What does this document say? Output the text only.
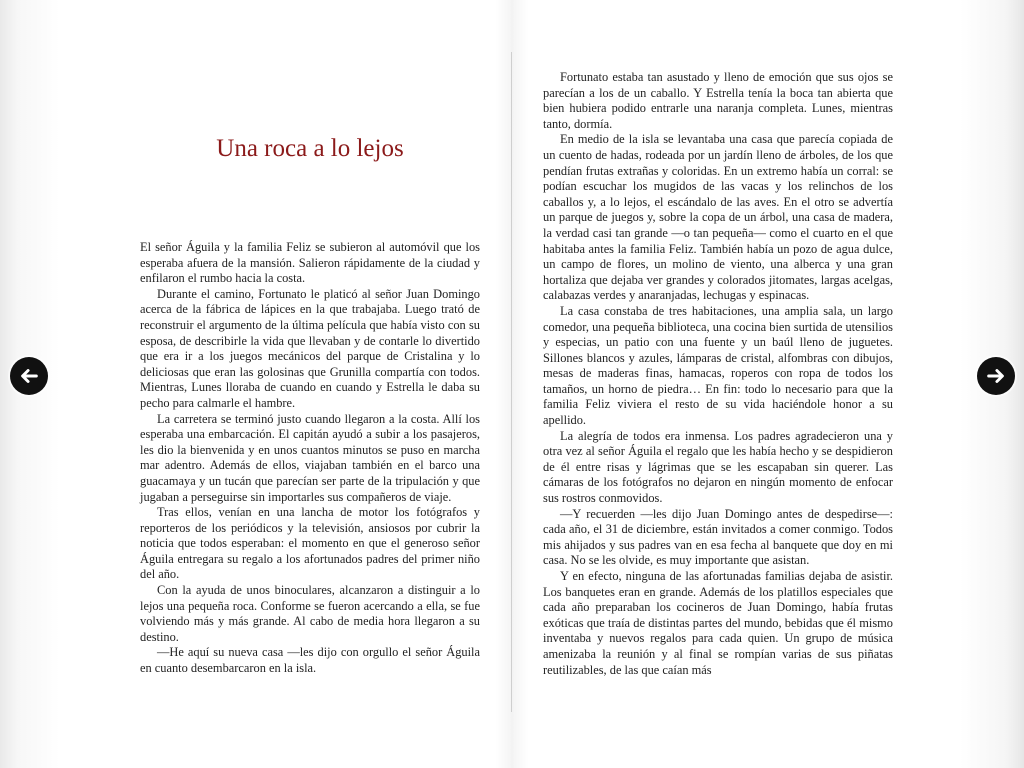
Una roca a lo lejos

El señor Águila y la familia Feliz se subieron al automóvil que los esperaba afuera de la mansión. Salieron rápidamente de la ciudad y enfilaron el rumbo hacia la costa.

Durante el camino, Fortunato le platicó al señor Juan Domingo acerca de la fábrica de lápices en la que trabajaba. Luego trató de reconstruir el argumento de la última película que había visto con su esposa, de describirle la vida que llevaban y de contarle lo divertido que era ir a los juegos mecánicos del parque de Cristalina y lo deliciosas que eran las golosinas que Grunilla compartía con todos. Mientras, Lunes lloraba de cuando en cuando y Estrella le daba su pecho para calmarle el hambre.

La carretera se terminó justo cuando llegaron a la costa. Allí los esperaba una embarcación. El capitán ayudó a subir a los pasajeros, les dio la bienvenida y en unos cuantos minutos se puso en marcha mar adentro. Además de ellos, viajaban también en el barco una guacamaya y un tucán que parecían ser parte de la tripulación y que jugaban a perseguirse sin importarles sus compañeros de viaje.

Tras ellos, venían en una lancha de motor los fotógrafos y reporteros de los periódicos y la televisión, ansiosos por cubrir la noticia que todos esperaban: el momento en que el generoso señor Águila entregara su regalo a los afortunados padres del primer niño del año.

Con la ayuda de unos binoculares, alcanzaron a distinguir a lo lejos una pequeña roca. Conforme se fueron acercando a ella, se fue volviendo más y más grande. Al cabo de media hora llegaron a su destino.

—He aquí su nueva casa —les dijo con orgullo el señor Águila en cuanto desembarcaron en la isla.

Fortunato estaba tan asustado y lleno de emoción que sus ojos se parecían a los de un caballo. Y Estrella tenía la boca tan abierta que bien hubiera podido entrarle una naranja completa. Lunes, mientras tanto, dormía.

En medio de la isla se levantaba una casa que parecía copiada de un cuento de hadas, rodeada por un jardín lleno de árboles, de los que pendían frutas extrañas y coloridas. En un extremo había un corral: se podían escuchar los mugidos de las vacas y los relinchos de los caballos y, a lo lejos, el escándalo de las aves. En el otro se advertía un parque de juegos y, sobre la copa de un árbol, una casa de madera, la verdad casi tan grande —o tan pequeña— como el cuarto en el que habitaba antes la familia Feliz. También había un pozo de agua dulce, un campo de flores, un molino de viento, una alberca y una gran hortaliza que dejaba ver grandes y colorados jitomates, largas acelgas, calabazas verdes y anaranjadas, lechugas y espinacas.

La casa constaba de tres habitaciones, una amplia sala, un largo comedor, una pequeña biblioteca, una cocina bien surtida de utensilios y especias, un patio con una fuente y un baúl lleno de juguetes. Sillones blancos y azules, lámparas de cristal, alfombras con dibujos, mesas de maderas finas, hamacas, roperos con ropa de todos los tamaños, un horno de piedra… En fin: todo lo necesario para que la familia Feliz viviera el resto de su vida haciéndole honor a su apellido.

La alegría de todos era inmensa. Los padres agradecieron una y otra vez al señor Águila el regalo que les había hecho y se despidieron de él entre risas y lágrimas que se les escapaban sin querer. Las cámaras de los fotógrafos no dejaron en ningún momento de enfocar sus rostros conmovidos.

—Y recuerden —les dijo Juan Domingo antes de despedirse—: cada año, el 31 de diciembre, están invitados a comer conmigo. Todos mis ahijados y sus padres van en esa fecha al banquete que doy en mi casa. No se les olvide, es muy importante que asistan.

Y en efecto, ninguna de las afortunadas familias dejaba de asistir. Los banquetes eran en grande. Además de los platillos especiales que cada año preparaban los cocineros de Juan Domingo, había frutas exóticas que traía de distintas partes del mundo, bebidas que él mismo inventaba y nuevos regalos para cada quien. Un grupo de música amenizaba la reunión y al final se rompían varias de sus piñatas reutilizables, de las que caían más
